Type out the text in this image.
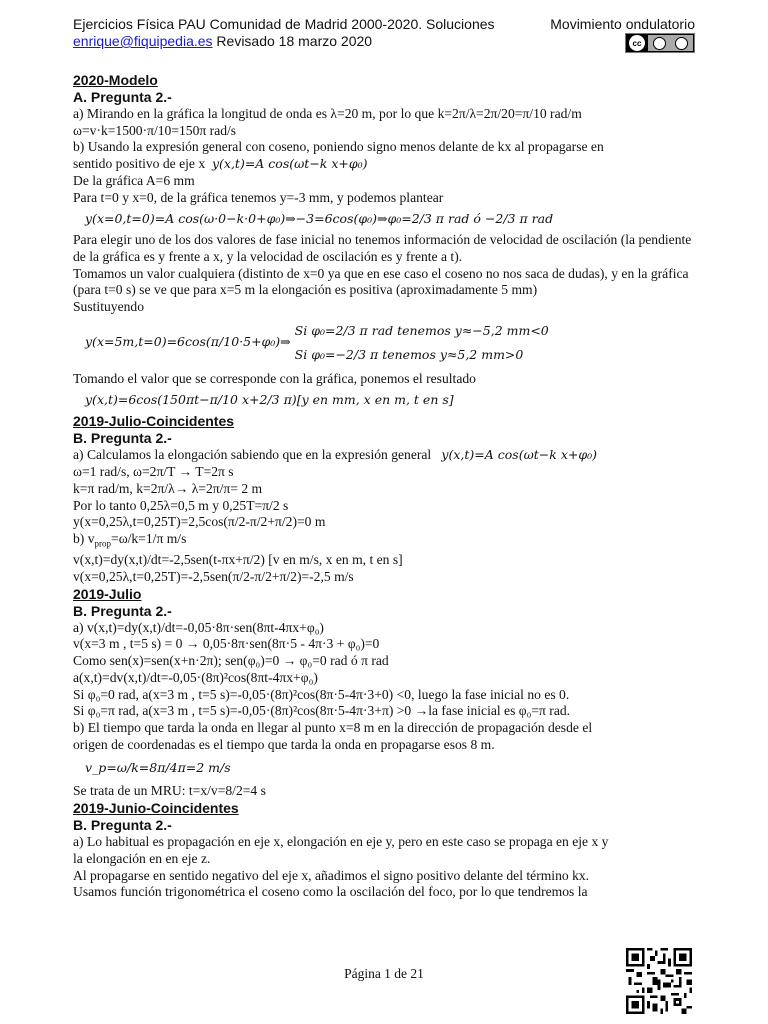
Ejercicios Física PAU Comunidad de Madrid 2000-2020. Soluciones	Movimiento ondulatorio
enrique@fiquipedia.es Revisado 18 marzo 2020	cc

2020-Modelo

A. Pregunta 2.-

a) Mirando en la gráfica la longitud de onda es λ=20 m, por lo que k=2π/λ=2π/20=π/10 rad/m

ω=v·k=1500·π/10=150π rad/s

b) Usando la expresión general con coseno, poniendo signo menos delante de kx al propagarse en

sentido positivo de eje x y(x,t)=A cos(ωt−k x+φ₀)

De la gráfica A=6 mm

Para t=0 y x=0, de la gráfica tenemos y=-3 mm, y podemos plantear

y(x=0,t=0)=A cos(ω·0−k·0+φ₀)⇒−3=6cos(φ₀)⇒φ₀=2/3 π rad ó −2/3 π rad

Para elegir uno de los dos valores de fase inicial no tenemos información de velocidad de oscilación (la pendiente de la gráfica es y frente a x, y la velocidad de oscilación es y frente a t).

Tomamos un valor cualquiera (distinto de x=0 ya que en ese caso el coseno no nos saca de dudas), y en la gráfica (para t=0 s) se ve que para x=5 m la elongación es positiva (aproximadamente 5 mm)

Sustituyendo

y(x=5m,t=0)=6cos(π/10·5+φ₀)⇒
Si φ₀=2/3 π rad tenemos y≈−5,2 mm<0
Si φ₀=−2/3 π tenemos y≈5,2 mm>0

Tomando el valor que se corresponde con la gráfica, ponemos el resultado

y(x,t)=6cos(150πt−π/10 x+2/3 π)[y en mm, x en m, t en s]

2019-Julio-Coincidentes

B. Pregunta 2.-

a) Calculamos la elongación sabiendo que en la expresión general y(x,t)=A cos(ωt−k x+φ₀)

ω=1 rad/s, ω=2π/T → T=2π s

k=π rad/m, k=2π/λ→ λ=2π/π= 2 m

Por lo tanto 0,25λ=0,5 m y 0,25T=π/2 s

y(x=0,25λ,t=0,25T)=2,5cos(π/2-π/2+π/2)=0 m

b) $v_{prop}=\omega/k=1/\pi$ m/s

v(x,t)=dy(x,t)/dt=-2,5sen(t-πx+π/2) [v en m/s, x en m, t en s]

v(x=0,25λ,t=0,25T)=-2,5sen(π/2-π/2+π/2)=-2,5 m/s

2019-Julio

B. Pregunta 2.-

a) v(x,t)=dy(x,t)/dt=-0,05·8π·sen(8πt-4πx+φ₀)

v(x=3 m , t=5 s) = 0 → 0,05·8π·sen(8π·5 - 4π·3 + φ₀)=0

Como sen(x)=sen(x+n·2π); sen(φ₀)=0 → φ₀=0 rad ó π rad

a(x,t)=dv(x,t)/dt=-0,05·(8π)²cos(8πt-4πx+φ₀)

Si φ₀=0 rad, a(x=3 m , t=5 s)=-0,05·(8π)²cos(8π·5-4π·3+0) <0, luego la fase inicial no es 0.

Si φ₀=π rad, a(x=3 m , t=5 s)=-0,05·(8π)²cos(8π·5-4π·3+π) >0 →la fase inicial es φ₀=π rad.

b) El tiempo que tarda la onda en llegar al punto x=8 m en la dirección de propagación desde el

origen de coordenadas es el tiempo que tarda la onda en propagarse esos 8 m.

v_p=ω/k=8π/4π=2 m/s

Se trata de un MRU: t=x/v=8/2=4 s

2019-Junio-Coincidentes

B. Pregunta 2.-

a) Lo habitual es propagación en eje x, elongación en eje y, pero en este caso se propaga en eje x y

la elongación en en eje z.

Al propagarse en sentido negativo del eje x, añadimos el signo positivo delante del término kx.

Usamos función trigonométrica el coseno como la oscilación del foco, por lo que tendremos la

Página 1 de 21
